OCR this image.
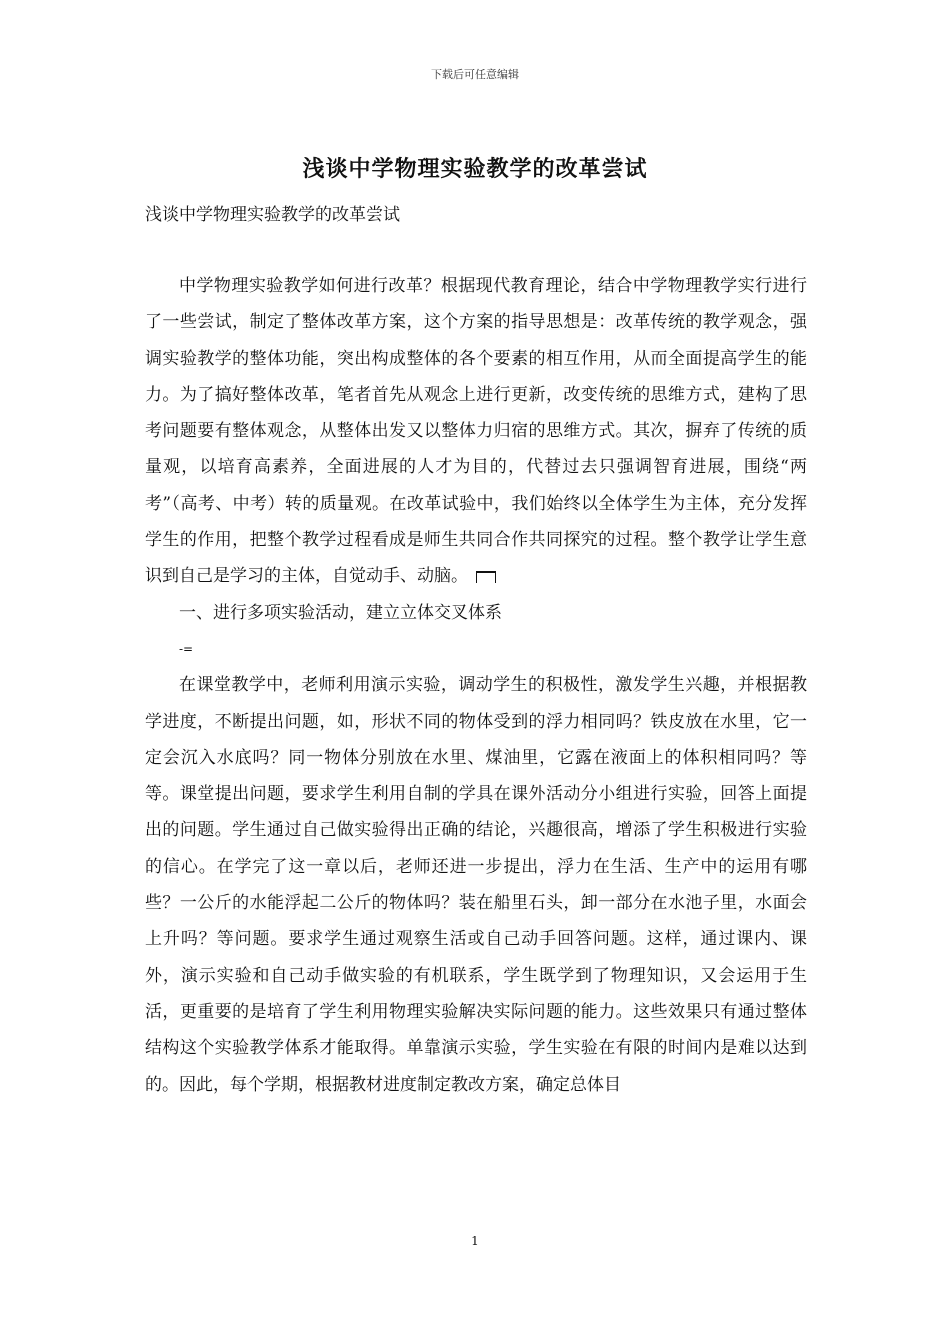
下载后可任意编辑
浅谈中学物理实验教学的改革尝试
浅谈中学物理实验教学的改革尝试

中学物理实验教学如何进行改革？根据现代教育理论，结合中学物理教学实行进行了一些尝试，制定了整体改革方案，这个方案的指导思想是：改革传统的教学观念，强调实验教学的整体功能，突出构成整体的各个要素的相互作用，从而全面提高学生的能力。为了搞好整体改革，笔者首先从观念上进行更新，改变传统的思维方式，建构了思考问题要有整体观念，从整体出发又以整体力归宿的思维方式。其次，摒弃了传统的质量观，以培育高素养，全面进展的人才为目的，代替过去只强调智育进展，围绕“两考”（高考、中考）转的质量观。在改革试验中，我们始终以全体学生为主体，充分发挥学生的作用，把整个教学过程看成是师生共同合作共同探究的过程。整个教学让学生意识到自己是学习的主体，自觉动手、动脑。

一、进行多项实验活动，建立立体交叉体系

-=

在课堂教学中，老师利用演示实验，调动学生的积极性，激发学生兴趣，并根据教学进度，不断提出问题，如，形状不同的物体受到的浮力相同吗？铁皮放在水里，它一定会沉入水底吗？同一物体分别放在水里、煤油里，它露在液面上的体积相同吗？等等。课堂提出问题，要求学生利用自制的学具在课外活动分小组进行实验，回答上面提出的问题。学生通过自己做实验得出正确的结论，兴趣很高，增添了学生积极进行实验的信心。在学完了这一章以后，老师还进一步提出，浮力在生活、生产中的运用有哪些？一公斤的水能浮起二公斤的物体吗？装在船里石头，卸一部分在水池子里，水面会上升吗？等问题。要求学生通过观察生活或自己动手回答问题。这样，通过课内、课外，演示实验和自己动手做实验的有机联系，学生既学到了物理知识，又会运用于生活，更重要的是培育了学生利用物理实验解决实际问题的能力。这些效果只有通过整体结构这个实验教学体系才能取得。单靠演示实验，学生实验在有限的时间内是难以达到的。因此，每个学期，根据教材进度制定教改方案，确定总体目

1
